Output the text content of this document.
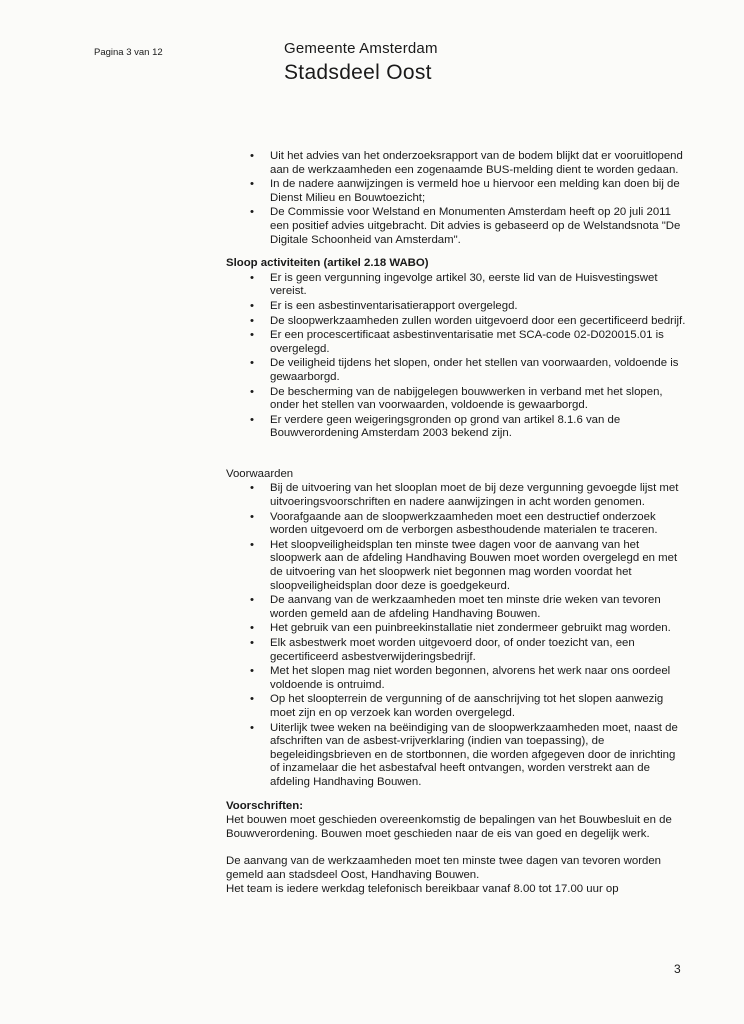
Pagina 3 van 12	Gemeente Amsterdam
Stadsdeel Oost
• Uit het advies van het onderzoeksrapport van de bodem blijkt dat er vooruitlopend aan de werkzaamheden een zogenaamde BUS-melding dient te worden gedaan.
• In de nadere aanwijzingen is vermeld hoe u hiervoor een melding kan doen bij de Dienst Milieu en Bouwtoezicht;
• De Commissie voor Welstand en Monumenten Amsterdam heeft op 20 juli 2011 een positief advies uitgebracht. Dit advies is gebaseerd op de Welstandsnota "De Digitale Schoonheid van Amsterdam".
Sloop activiteiten (artikel 2.18 WABO)
• Er is geen vergunning ingevolge artikel 30, eerste lid van de Huisvestingswet vereist.
• Er is een asbestinventarisatierapport overgelegd.
• De sloopwerkzaamheden zullen worden uitgevoerd door een gecertificeerd bedrijf.
• Er een procescertificaat asbestinventarisatie met SCA-code 02-D020015.01 is overgelegd.
• De veiligheid tijdens het slopen, onder het stellen van voorwaarden, voldoende is gewaarborgd.
• De bescherming van de nabijgelegen bouwwerken in verband met het slopen, onder het stellen van voorwaarden, voldoende is gewaarborgd.
• Er verdere geen weigeringsgronden op grond van artikel 8.1.6 van de Bouwverordening Amsterdam 2003 bekend zijn.
Voorwaarden
• Bij de uitvoering van het slooplan moet de bij deze vergunning gevoegde lijst met uitvoeringsvoorschriften en nadere aanwijzingen in acht worden genomen.
• Voorafgaande aan de sloopwerkzaamheden moet een destructief onderzoek worden uitgevoerd om de verborgen asbesthoudende materialen te traceren.
• Het sloopveiligheidsplan ten minste twee dagen voor de aanvang van het sloopwerk aan de afdeling Handhaving Bouwen moet worden overgelegd en met de uitvoering van het sloopwerk niet begonnen mag worden voordat het sloopveiligheidsplan door deze is goedgekeurd.
• De aanvang van de werkzaamheden moet ten minste drie weken van tevoren worden gemeld aan de afdeling Handhaving Bouwen.
• Het gebruik van een puinbreekinstallatie niet zondermeer gebruikt mag worden.
• Elk asbestwerk moet worden uitgevoerd door, of onder toezicht van, een gecertificeerd asbestverwijderingsbedrijf.
• Met het slopen mag niet worden begonnen, alvorens het werk naar ons oordeel voldoende is ontruimd.
• Op het sloopterrein de vergunning of de aanschrijving tot het slopen aanwezig moet zijn en op verzoek kan worden overgelegd.
• Uiterlijk twee weken na beëindiging van de sloopwerkzaamheden moet, naast de afschriften van de asbest-vrijverklaring (indien van toepassing), de begeleidingsbrieven en de stortbonnen, die worden afgegeven door de inrichting of inzamelaar die het asbestafval heeft ontvangen, worden verstrekt aan de afdeling Handhaving Bouwen.
Voorschriften:

Het bouwen moet geschieden overeenkomstig de bepalingen van het Bouwbesluit en de Bouwverordening. Bouwen moet geschieden naar de eis van goed en degelijk werk.

De aanvang van de werkzaamheden moet ten minste twee dagen van tevoren worden gemeld aan stadsdeel Oost, Handhaving Bouwen.

Het team is iedere werkdag telefonisch bereikbaar vanaf 8.00 tot 17.00 uur op

3
